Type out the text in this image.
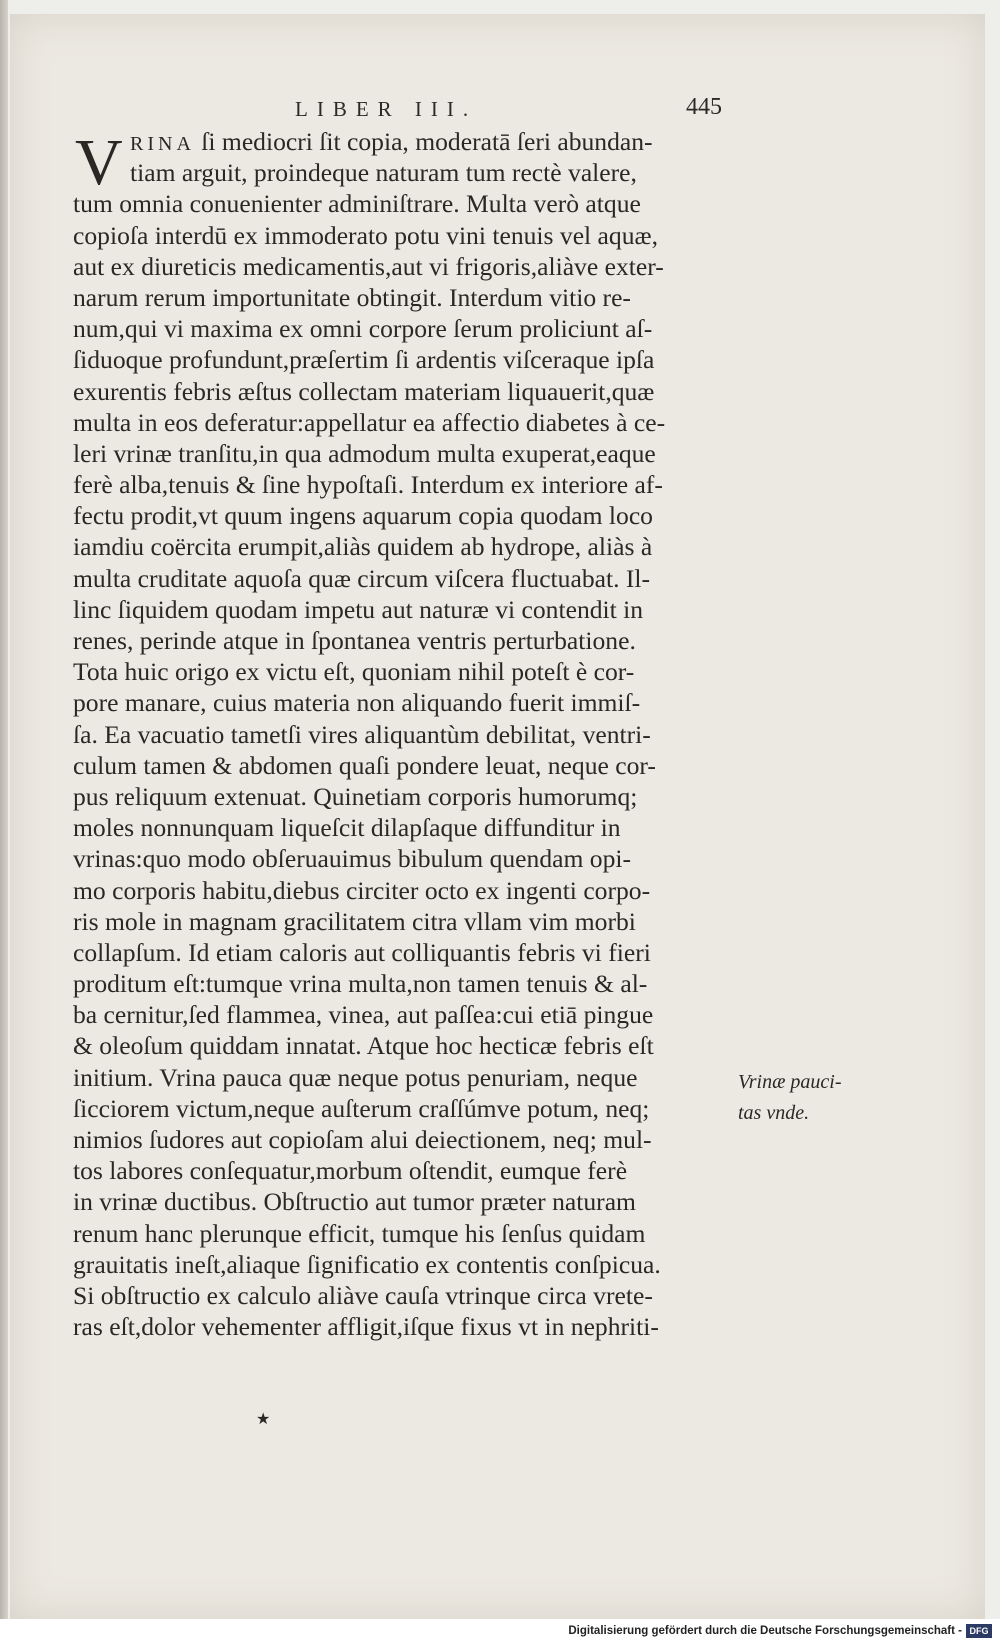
LIBER III.	445
V RINA ſi mediocri ſit copia, moderatā ſeri abundan-
tiam arguit, proindeque naturam tum rectè valere,
tum omnia conuenienter adminiſtrare. Multa verò atque
copioſa interdū ex immoderato potu vini tenuis vel aquæ,
aut ex diureticis medicamentis,aut vi frigoris,aliàve exter-
narum rerum importunitate obtingit. Interdum vitio re-
num,qui vi maxima ex omni corpore ſerum proliciunt aſ-
ſiduoque profundunt,præſertim ſi ardentis viſceraque ipſa
exurentis febris æſtus collectam materiam liquauerit,quæ
multa in eos deferatur:appellatur ea affectio diabetes à ce-
leri vrinæ tranſitu,in qua admodum multa exuperat,eaque
ferè alba,tenuis & ſine hypoſtaſi. Interdum ex interiore af-
fectu prodit,vt quum ingens aquarum copia quodam loco
iamdiu coërcita erumpit,aliàs quidem ab hydrope, aliàs à
multa cruditate aquoſa quæ circum viſcera fluctuabat. Il-
linc ſiquidem quodam impetu aut naturæ vi contendit in
renes, perinde atque in ſpontanea ventris perturbatione.
Tota huic origo ex victu eſt, quoniam nihil poteſt è cor-
pore manare, cuius materia non aliquando fuerit immiſ-
ſa. Ea vacuatio tametſi vires aliquantùm debilitat, ventri-
culum tamen & abdomen quaſi pondere leuat, neque cor-
pus reliquum extenuat. Quinetiam corporis humorumq;
moles nonnunquam liqueſcit dilapſaque diffunditur in
vrinas:quo modo obſeruauimus bibulum quendam opi-
mo corporis habitu,diebus circiter octo ex ingenti corpo-
ris mole in magnam gracilitatem citra vllam vim morbi
collapſum. Id etiam caloris aut colliquantis febris vi fieri
proditum eſt:tumque vrina multa,non tamen tenuis & al-
ba cernitur,ſed flammea, vinea, aut paſſea:cui etiā pingue
& oleoſum quiddam innatat. Atque hoc hecticæ febris eſt
initium. Vrina pauca quæ neque potus penuriam, neque
ſicciorem victum,neque auſterum craſſúmve potum, neq;
nimios ſudores aut copioſam alui deiectionem, neq; mul-
tos labores conſequatur,morbum oſtendit, eumque ferè
in vrinæ ductibus. Obſtructio aut tumor præter naturam
renum hanc plerunque efficit, tumque his ſenſus quidam
grauitatis ineſt,aliaque ſignificatio ex contentis conſpicua.
Si obſtructio ex calculo aliàve cauſa vtrinque circa vrete-
ras eſt,dolor vehementer affligit,iſque fixus vt in nephriti-
Vrinæ pauci-
tas vnde.
★
Digitalisierung gefördert durch die Deutsche Forschungsgemeinschaft - DFG
